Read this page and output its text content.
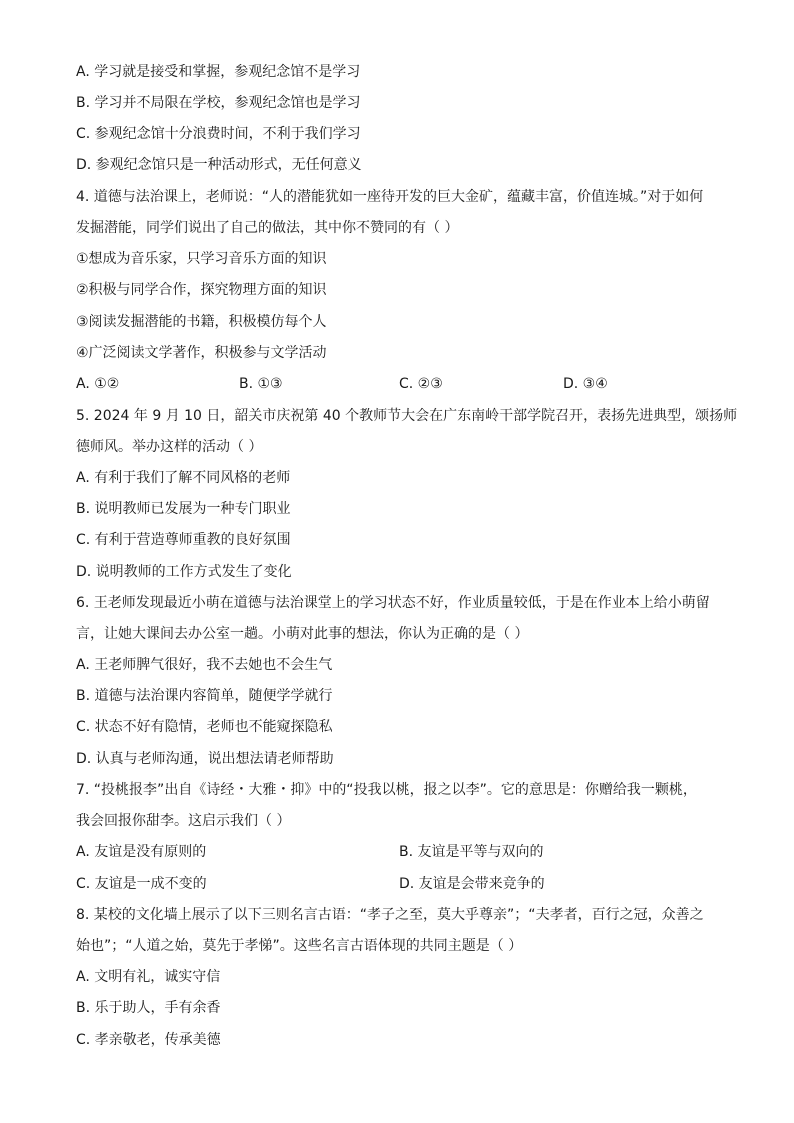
A. 学习就是接受和掌握，参观纪念馆不是学习
B. 学习并不局限在学校，参观纪念馆也是学习
C. 参观纪念馆十分浪费时间，不利于我们学习
D. 参观纪念馆只是一种活动形式，无任何意义
4. 道德与法治课上，老师说：“人的潜能犹如一座待开发的巨大金矿，蕴藏丰富，价值连城。”对于如何
发掘潜能，同学们说出了自己的做法，其中你不赞同的有（ ）
①想成为音乐家，只学习音乐方面的知识
②积极与同学合作，探究物理方面的知识
③阅读发掘潜能的书籍，积极模仿每个人
④广泛阅读文学著作，积极参与文学活动
A. ①②	B. ①③	C. ②③	D. ③④
5. 2024 年 9 月 10 日，韶关市庆祝第 40 个教师节大会在广东南岭干部学院召开，表扬先进典型，颂扬师
德师风。举办这样的活动（ ）
A. 有利于我们了解不同风格的老师
B. 说明教师已发展为一种专门职业
C. 有利于营造尊师重教的良好氛围
D. 说明教师的工作方式发生了变化
6. 王老师发现最近小萌在道德与法治课堂上的学习状态不好，作业质量较低，于是在作业本上给小萌留
言，让她大课间去办公室一趟。小萌对此事的想法，你认为正确的是（ ）
A. 王老师脾气很好，我不去她也不会生气
B. 道德与法治课内容简单，随便学学就行
C. 状态不好有隐情，老师也不能窥探隐私
D. 认真与老师沟通，说出想法请老师帮助
7. “投桃报李”出自《诗经・大雅・抑》中的“投我以桃，报之以李”。它的意思是：你赠给我一颗桃，
我会回报你甜李。这启示我们（ ）
A. 友谊是没有原则的	B. 友谊是平等与双向的
C. 友谊是一成不变的	D. 友谊是会带来竞争的
8. 某校的文化墙上展示了以下三则名言古语：“孝子之至，莫大乎尊亲”；“夫孝者，百行之冠，众善之
始也”；“人道之始，莫先于孝悌”。这些名言古语体现的共同主题是（ ）
A. 文明有礼，诚实守信
B. 乐于助人，手有余香
C. 孝亲敬老，传承美德
